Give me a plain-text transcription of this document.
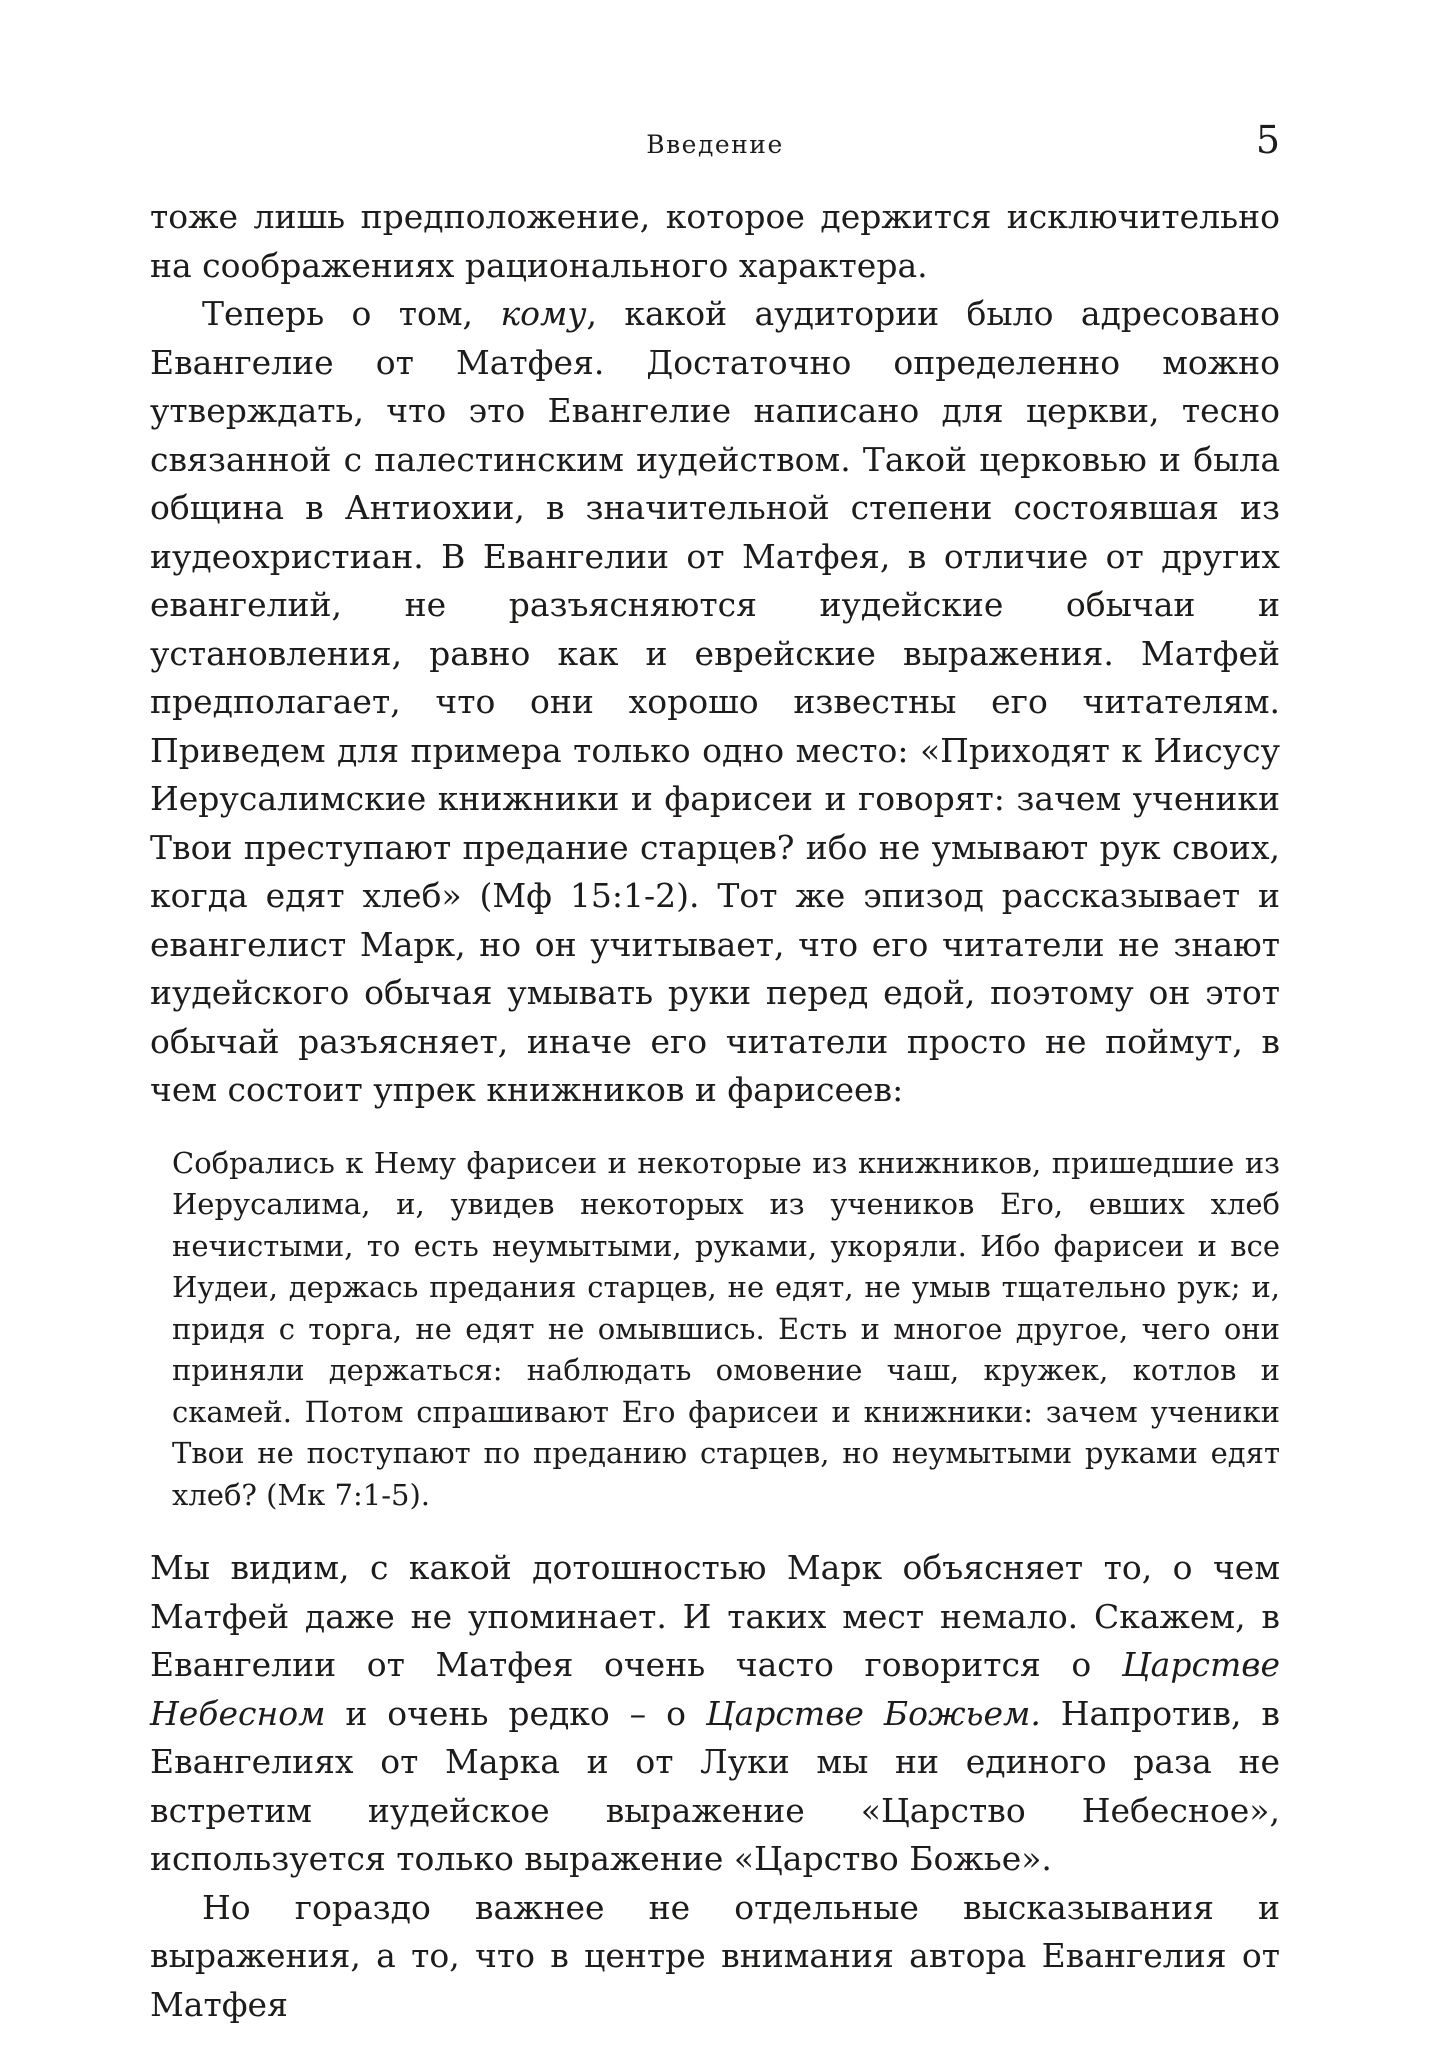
Введение	5

тоже лишь предположение, которое держится исключительно на соображениях рационального характера.

Теперь о том, кому, какой аудитории было адресовано Евангелие от Матфея. Достаточно определенно можно утверждать, что это Евангелие написано для церкви, тесно связанной с палестинским иудейством. Такой церковью и была община в Антиохии, в значительной степени состоявшая из иудеохристиан. В Евангелии от Матфея, в отличие от других евангелий, не разъясняются иудейские обычаи и установления, равно как и еврейские выражения. Матфей предполагает, что они хорошо известны его читателям. Приведем для примера только одно место: «Приходят к Иисусу Иерусалимские книжники и фарисеи и говорят: зачем ученики Твои преступают предание старцев? ибо не умывают рук своих, когда едят хлеб» (Мф 15:1-2). Тот же эпизод рассказывает и евангелист Марк, но он учитывает, что его читатели не знают иудейского обычая умывать руки перед едой, поэтому он этот обычай разъясняет, иначе его читатели просто не поймут, в чем состоит упрек книжников и фарисеев:

Собрались к Нему фарисеи и некоторые из книжников, пришедшие из Иерусалима, и, увидев некоторых из учеников Его, евших хлеб нечистыми, то есть неумытыми, руками, укоряли. Ибо фарисеи и все Иудеи, держась предания старцев, не едят, не умыв тщательно рук; и, придя с торга, не едят не омывшись. Есть и многое другое, чего они приняли держаться: наблюдать омовение чаш, кружек, котлов и скамей. Потом спрашивают Его фарисеи и книжники: зачем ученики Твои не поступают по преданию старцев, но неумытыми руками едят хлеб? (Мк 7:1-5).

Мы видим, с какой дотошностью Марк объясняет то, о чем Матфей даже не упоминает. И таких мест немало. Скажем, в Евангелии от Матфея очень часто говорится о Царстве Небесном и очень редко – о Царстве Божьем. Напротив, в Евангелиях от Марка и от Луки мы ни единого раза не встретим иудейское выражение «Царство Небесное», используется только выражение «Царство Божье».

Но гораздо важнее не отдельные высказывания и выражения, а то, что в центре внимания автора Евангелия от Матфея
